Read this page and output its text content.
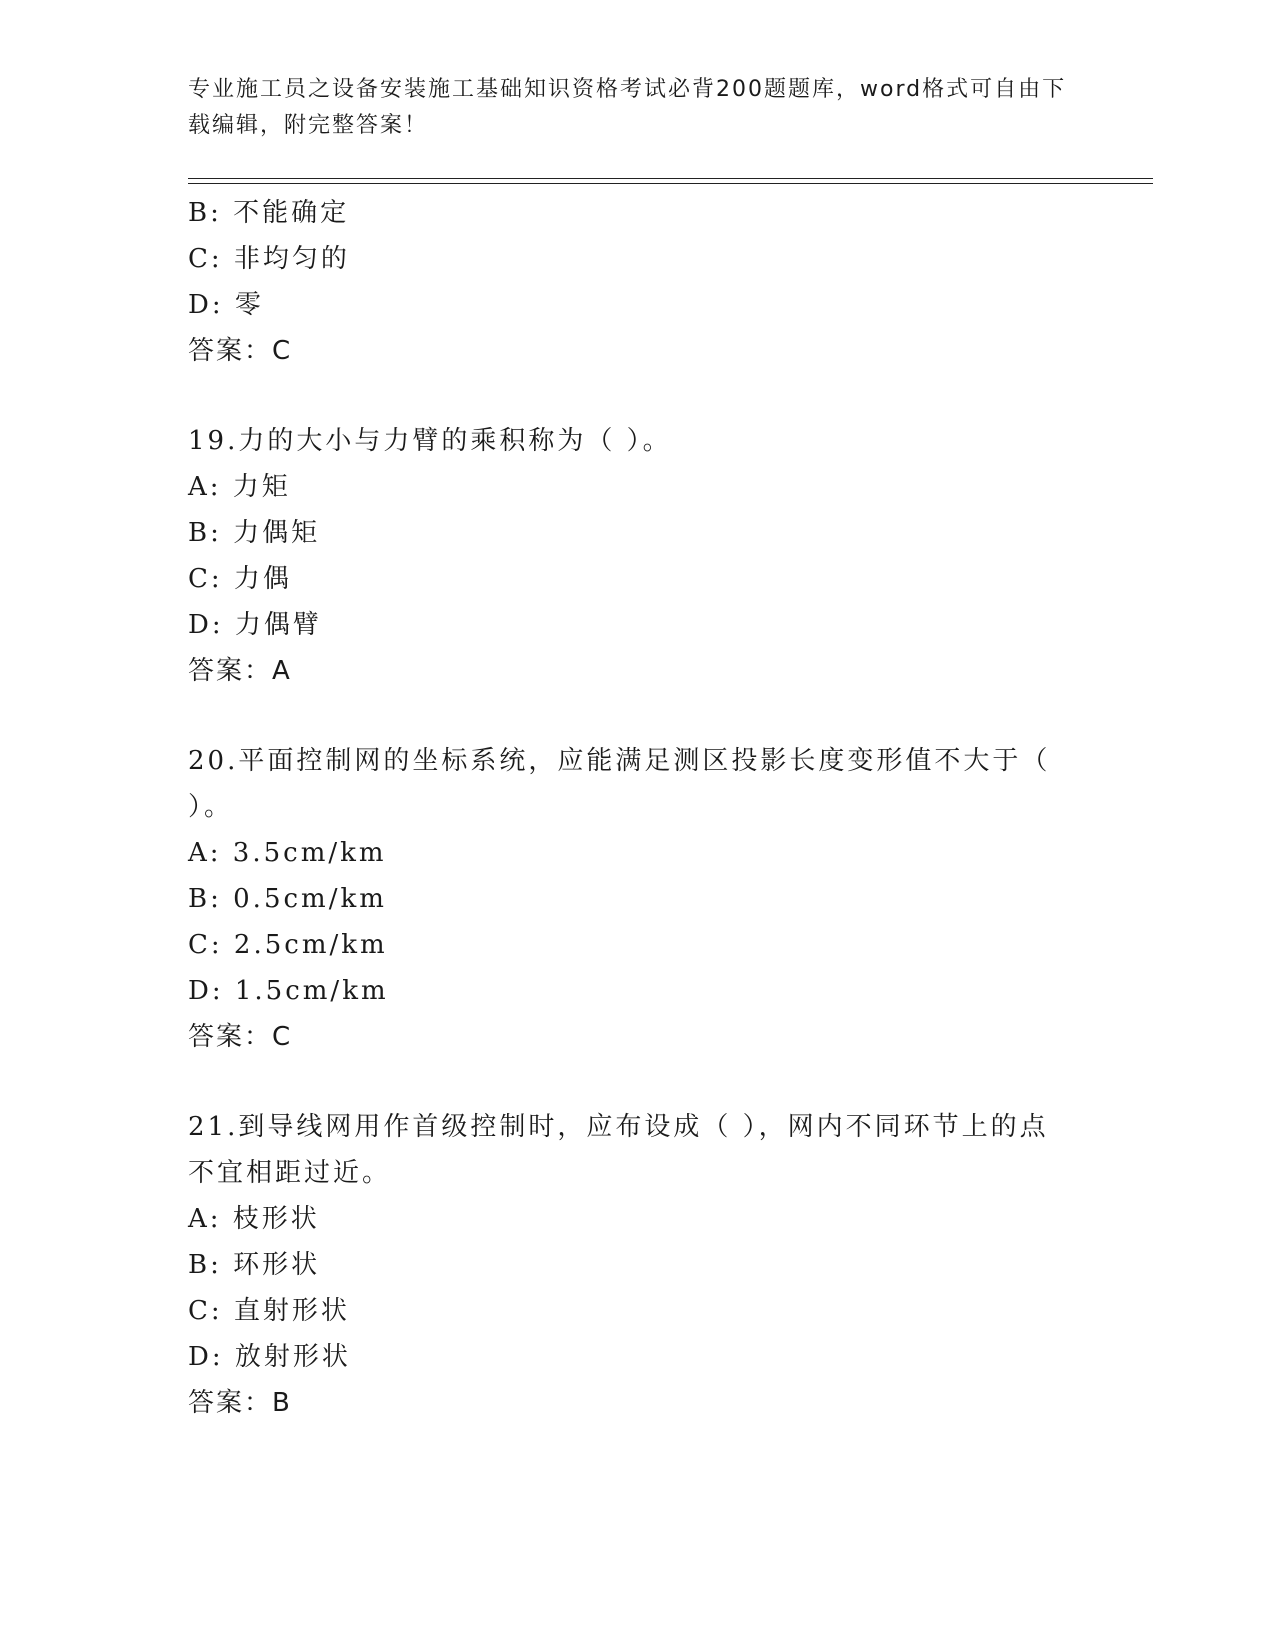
专业施工员之设备安装施工基础知识资格考试必背200题题库，word格式可自由下载编辑，附完整答案！
B: 不能确定
C: 非均匀的
D: 零
答案：C
19.力的大小与力臂的乘积称为（ ）。
A: 力矩
B: 力偶矩
C: 力偶
D: 力偶臂
答案：A
20.平面控制网的坐标系统，应能满足测区投影长度变形值不大于（ ）。
A: 3.5cm/km
B: 0.5cm/km
C: 2.5cm/km
D: 1.5cm/km
答案：C
21.到导线网用作首级控制时，应布设成（ ），网内不同环节上的点不宜相距过近。
A: 枝形状
B: 环形状
C: 直射形状
D: 放射形状
答案：B
